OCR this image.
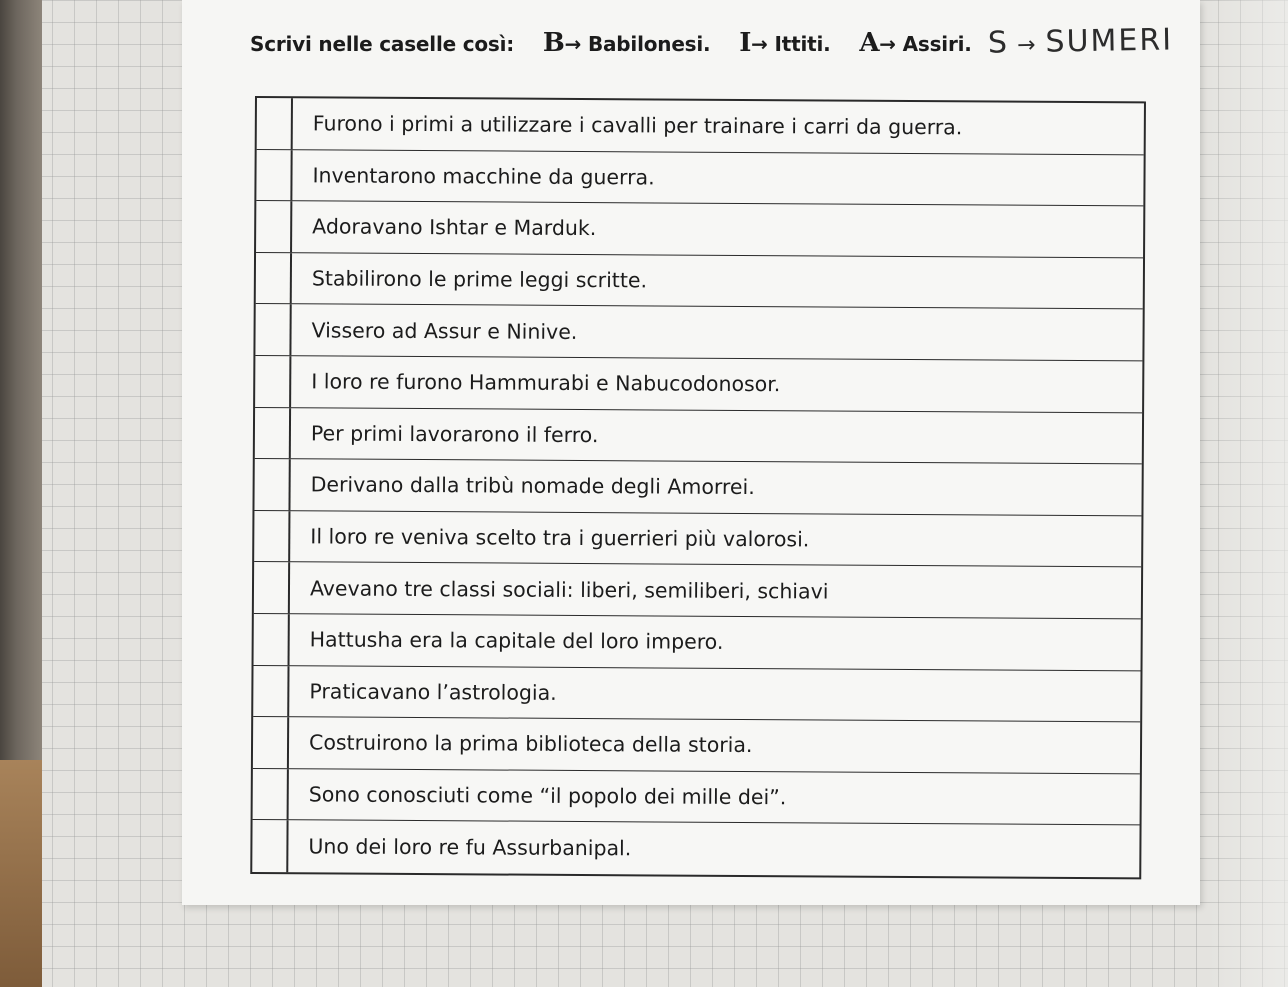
Scrivi nelle caselle così: B→ Babilonesi. I→ Ittiti. A→ Assiri. S → SUMERI
Furono i primi a utilizzare i cavalli per trainare i carri da guerra.
Inventarono macchine da guerra.
Adoravano Ishtar e Marduk.
Stabilirono le prime leggi scritte.
Vissero ad Assur e Ninive.
I loro re furono Hammurabi e Nabucodonosor.
Per primi lavorarono il ferro.
Derivano dalla tribù nomade degli Amorrei.
Il loro re veniva scelto tra i guerrieri più valorosi.
Avevano tre classi sociali: liberi, semiliberi, schiavi
Hattusha era la capitale del loro impero.
Praticavano l’astrologia.
Costruirono la prima biblioteca della storia.
Sono conosciuti come “il popolo dei mille dei”.
Uno dei loro re fu Assurbanipal.
